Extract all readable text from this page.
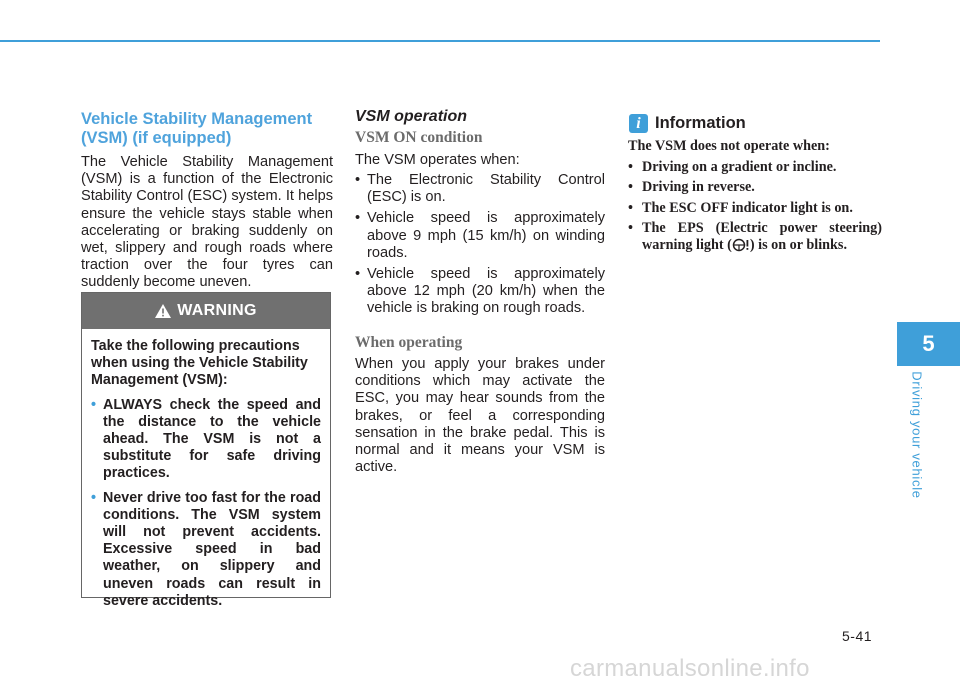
Vehicle Stability Management (VSM) (if equipped)

The Vehicle Stability Management (VSM) is a function of the Electronic Stability Control (ESC) system. It helps ensure the vehicle stays stable when accelerating or braking suddenly on wet, slippery and rough roads where traction over the four tyres can suddenly become uneven.

WARNING

Take the following precautions when using the Vehicle Stability Management (VSM):

• ALWAYS check the speed and the distance to the vehicle ahead. The VSM is not a substitute for safe driving practices.
• Never drive too fast for the road conditions. The VSM system will not prevent accidents. Excessive speed in bad weather, on slippery and uneven roads can result in severe accidents.
VSM operation
VSM ON condition

The VSM operates when:

• The Electronic Stability Control (ESC) is on.
• Vehicle speed is approximately above 9 mph (15 km/h) on winding roads.
• Vehicle speed is approximately above 12 mph (20 km/h) when the vehicle is braking on rough roads.
When operating

When you apply your brakes under conditions which may activate the ESC, you may hear sounds from the brakes, or feel a corresponding sensation in the brake pedal. This is normal and it means your VSM is active.

i Information

The VSM does not operate when:

• Driving on a gradient or incline.
• Driving in reverse.
• The ESC OFF indicator light is on.
• The EPS (Electric power steering) warning light ( ) is on or blinks.
5
Driving your vehicle
5-41
carmanualsonline.info
